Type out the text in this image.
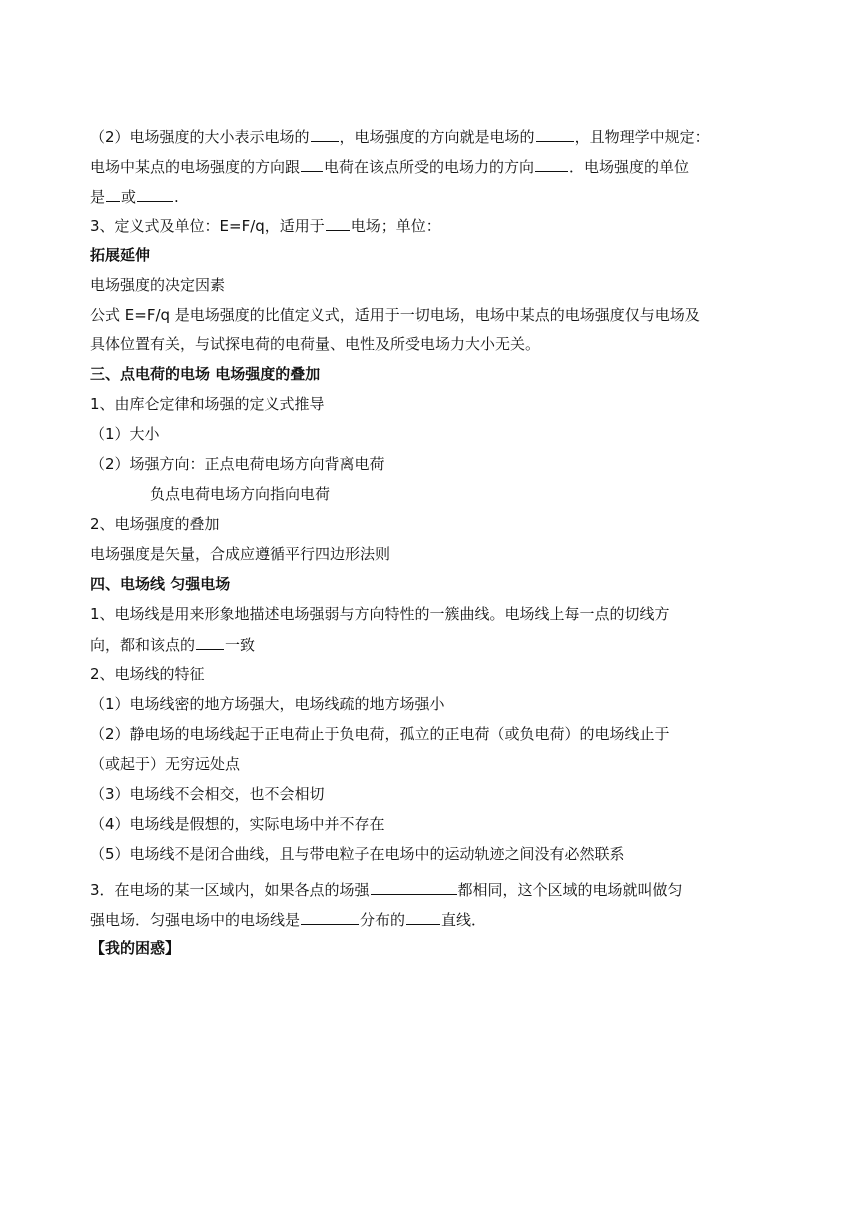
（2）电场强度的大小表示电场的 ，电场强度的方向就是电场的	，且物理学中规定：
电场中某点的电场强度的方向跟 电荷在该点所受的电场力的方向 ．电场强度的单位
是 或	.
3、定义式及单位：E=F/q，适用于 电场；单位：
拓展延伸
电场强度的决定因素
公式 E=F/q 是电场强度的比值定义式，适用于一切电场，电场中某点的电场强度仅与电场及
具体位置有关，与试探电荷的电荷量、电性及所受电场力大小无关。
三、点电荷的电场 电场强度的叠加
1、由库仑定律和场强的定义式推导
（1）大小
（2）场强方向：正点电荷电场方向背离电荷
负点电荷电场方向指向电荷
2、电场强度的叠加
电场强度是矢量，合成应遵循平行四边形法则
四、电场线 匀强电场
1、电场线是用来形象地描述电场强弱与方向特性的一簇曲线。电场线上每一点的切线方
向，都和该点的 一致
2、电场线的特征
（1）电场线密的地方场强大，电场线疏的地方场强小
（2）静电场的电场线起于正电荷止于负电荷，孤立的正电荷（或负电荷）的电场线止于
（或起于）无穷远处点
（3）电场线不会相交，也不会相切
（4）电场线是假想的，实际电场中并不存在
（5）电场线不是闭合曲线，且与带电粒子在电场中的运动轨迹之间没有必然联系
3．在电场的某一区域内，如果各点的场强	都相同，这个区域的电场就叫做匀
强电场．匀强电场中的电场线是	分布的 直线．
【我的困惑】
